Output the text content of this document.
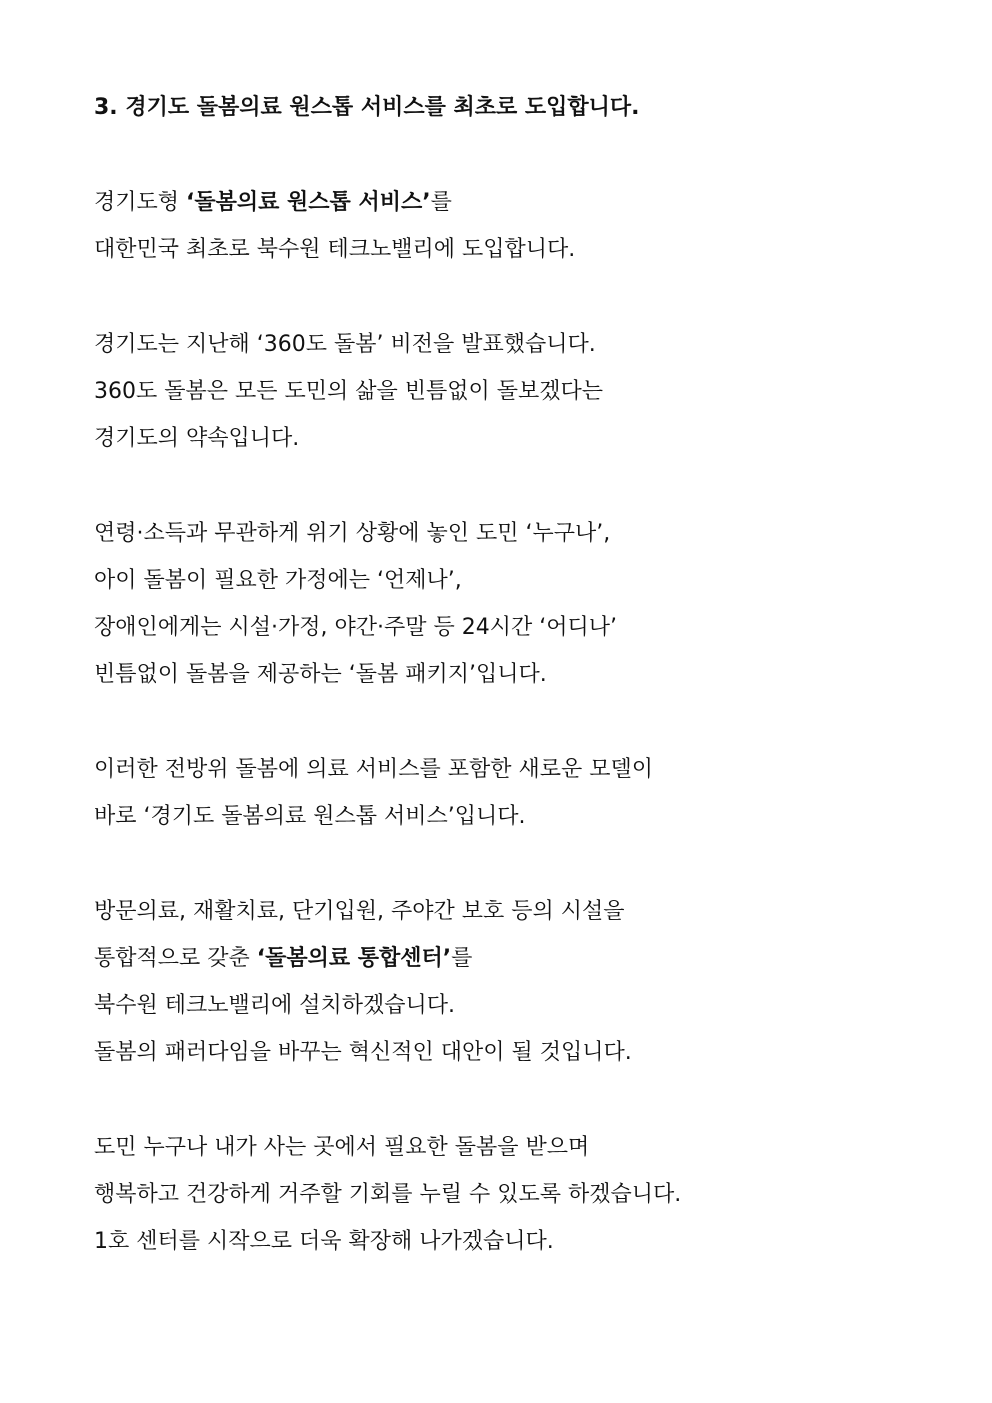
3. 경기도 돌봄의료 원스톱 서비스를 최초로 도입합니다.
경기도형 ‘돌봄의료 원스톱 서비스’를
대한민국 최초로 북수원 테크노밸리에 도입합니다.
경기도는 지난해 ‘360도 돌봄’ 비전을 발표했습니다.
360도 돌봄은 모든 도민의 삶을 빈틈없이 돌보겠다는
경기도의 약속입니다.
연령·소득과 무관하게 위기 상황에 놓인 도민 ‘누구나’,
아이 돌봄이 필요한 가정에는 ‘언제나’,
장애인에게는 시설·가정, 야간·주말 등 24시간 ‘어디나’
빈틈없이 돌봄을 제공하는 ‘돌봄 패키지’입니다.
이러한 전방위 돌봄에 의료 서비스를 포함한 새로운 모델이
바로 ‘경기도 돌봄의료 원스톱 서비스’입니다.
방문의료, 재활치료, 단기입원, 주야간 보호 등의 시설을
통합적으로 갖춘 ‘돌봄의료 통합센터’를
북수원 테크노밸리에 설치하겠습니다.
돌봄의 패러다임을 바꾸는 혁신적인 대안이 될 것입니다.
도민 누구나 내가 사는 곳에서 필요한 돌봄을 받으며
행복하고 건강하게 거주할 기회를 누릴 수 있도록 하겠습니다.
1호 센터를 시작으로 더욱 확장해 나가겠습니다.
